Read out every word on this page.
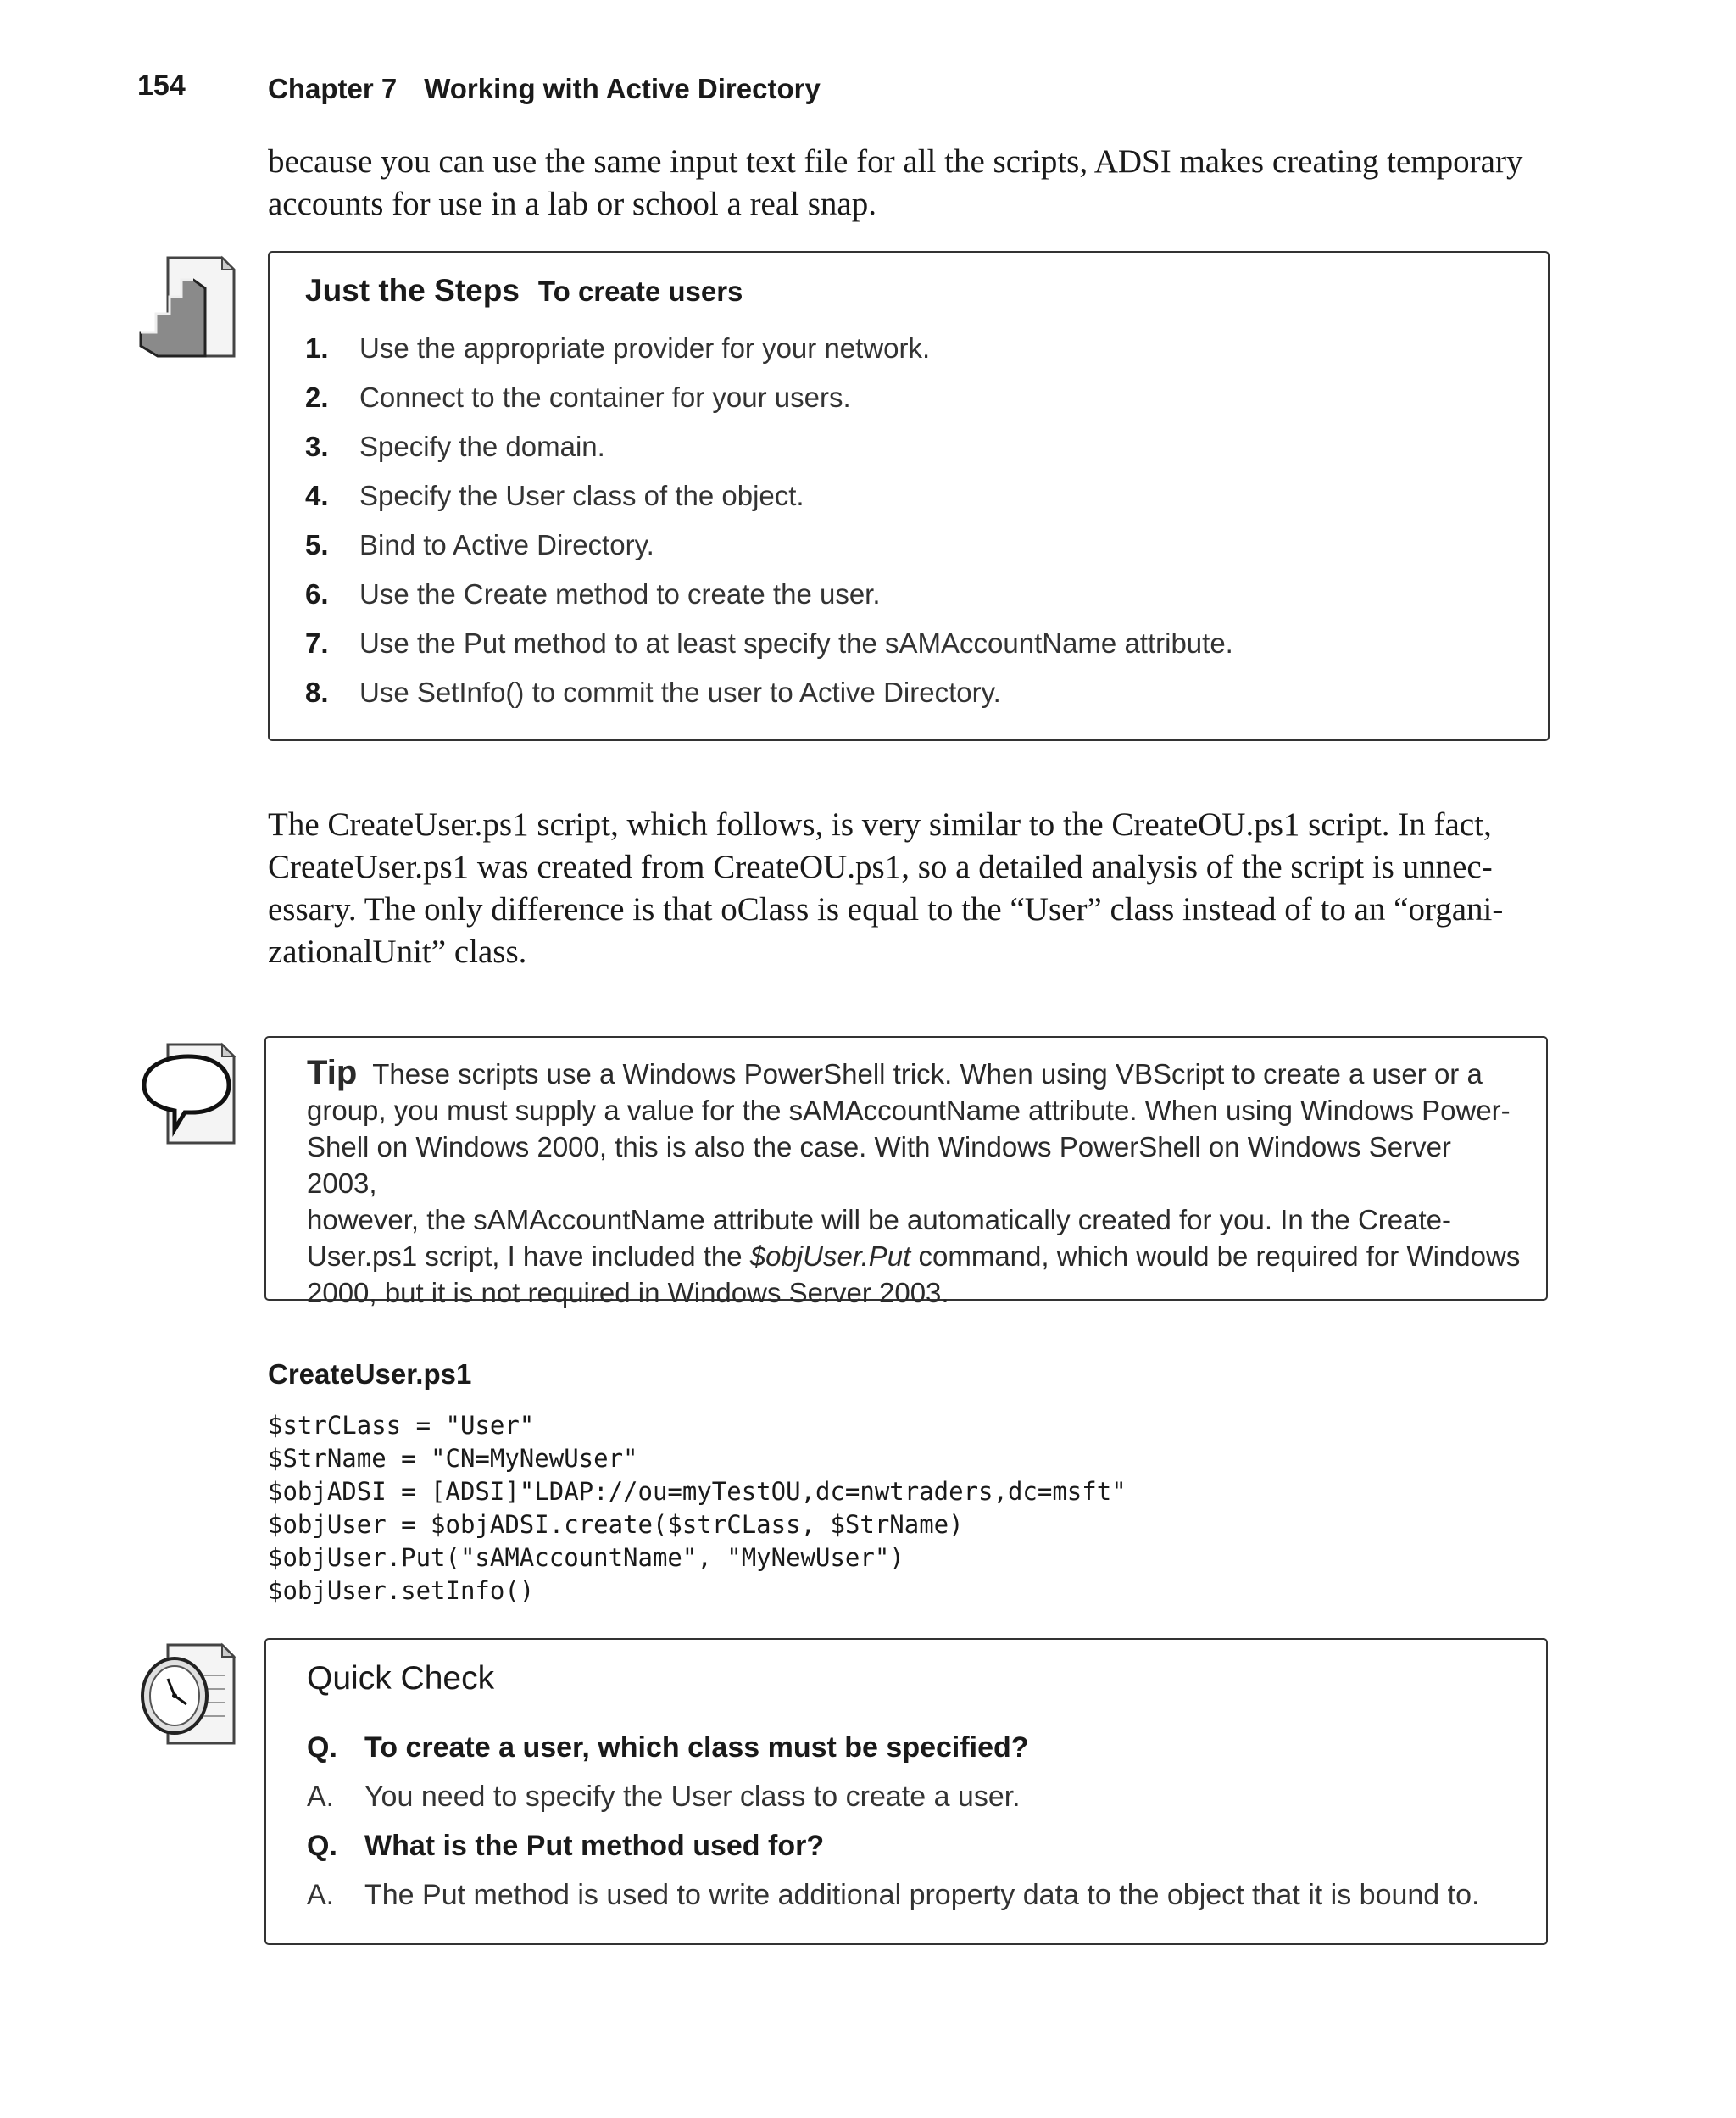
154	Chapter 7 Working with Active Directory
because you can use the same input text file for all the scripts, ADSI makes creating temporary
accounts for use in a lab or school a real snap.
Just the Steps To create users
1.	Use the appropriate provider for your network.
2.	Connect to the container for your users.
3.	Specify the domain.
4.	Specify the User class of the object.
5.	Bind to Active Directory.
6.	Use the Create method to create the user.
7.	Use the Put method to at least specify the sAMAccountName attribute.
8.	Use SetInfo() to commit the user to Active Directory.
The CreateUser.ps1 script, which follows, is very similar to the CreateOU.ps1 script. In fact,
CreateUser.ps1 was created from CreateOU.ps1, so a detailed analysis of the script is unnec-
essary. The only difference is that oClass is equal to the “User” class instead of to an “organi-
zationalUnit” class.
Tip These scripts use a Windows PowerShell trick. When using VBScript to create a user or a
group, you must supply a value for the sAMAccountName attribute. When using Windows Power-
Shell on Windows 2000, this is also the case. With Windows PowerShell on Windows Server 2003,
however, the sAMAccountName attribute will be automatically created for you. In the Create-
User.ps1 script, I have included the $objUser.Put command, which would be required for Windows
2000, but it is not required in Windows Server 2003.
CreateUser.ps1
$strCLass = "User"
$StrName = "CN=MyNewUser"
$objADSI = [ADSI]"LDAP://ou=myTestOU,dc=nwtraders,dc=msft"
$objUser = $objADSI.create($strCLass, $StrName)
$objUser.Put("sAMAccountName", "MyNewUser")
$objUser.setInfo()
Quick Check
Q. To create a user, which class must be specified?
A.	You need to specify the User class to create a user.
Q. What is the Put method used for?
A.	The Put method is used to write additional property data to the object that it is bound to.
